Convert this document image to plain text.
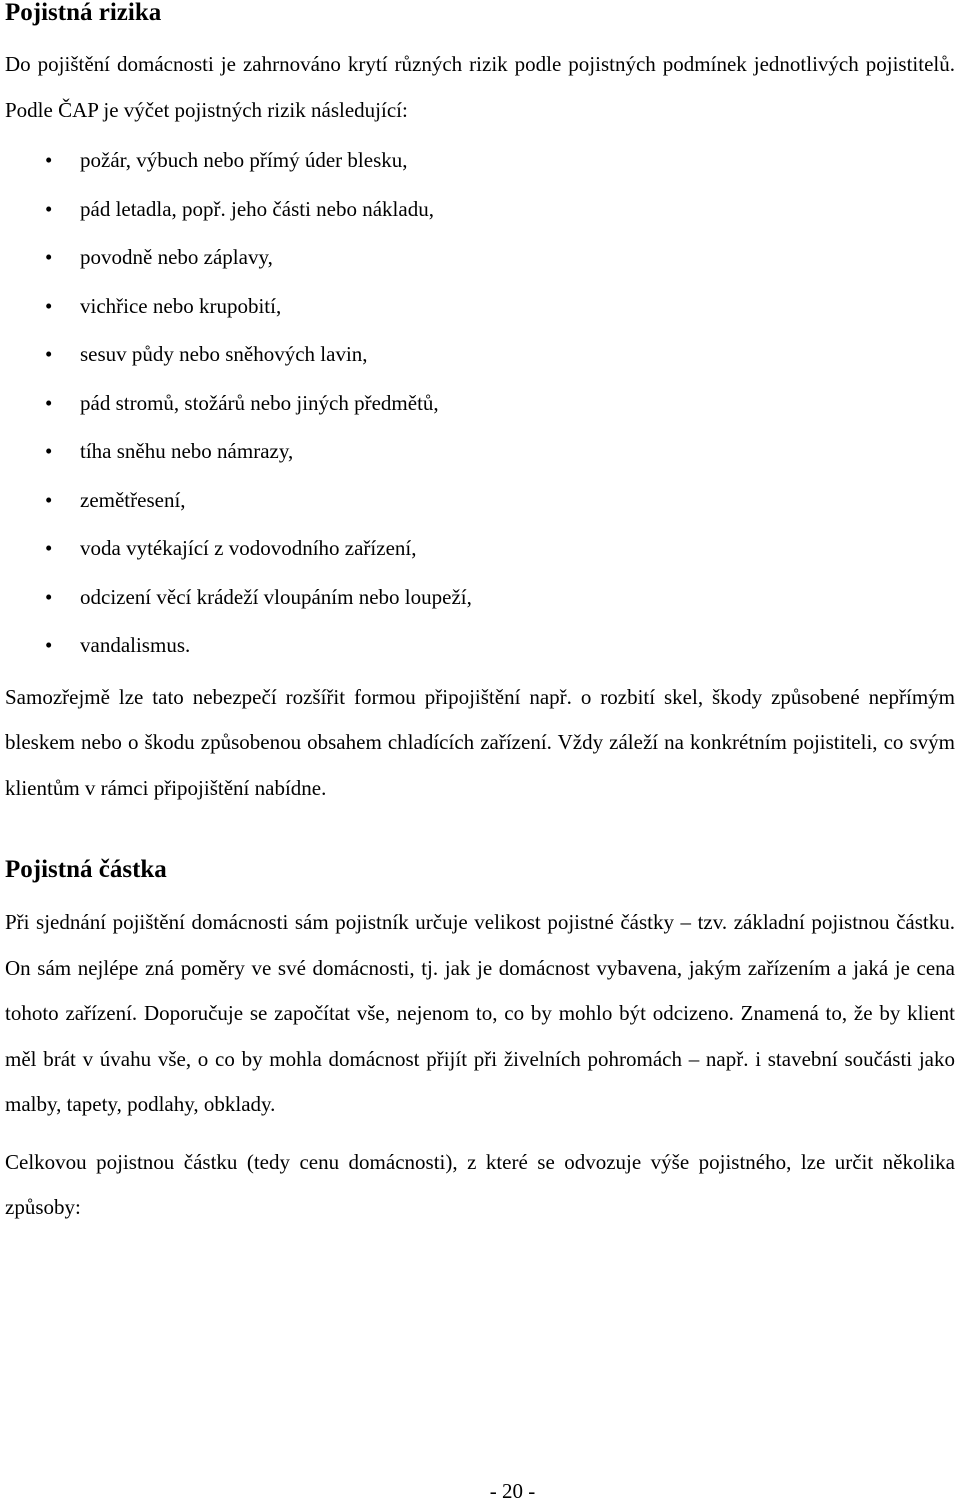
Pojistná rizika

Do pojištění domácnosti je zahrnováno krytí různých rizik podle pojistných podmínek jednotlivých pojistitelů. Podle ČAP je výčet pojistných rizik následující:

• požár, výbuch nebo přímý úder blesku,
• pád letadla, popř. jeho části nebo nákladu,
• povodně nebo záplavy,
• vichřice nebo krupobití,
• sesuv půdy nebo sněhových lavin,
• pád stromů, stožárů nebo jiných předmětů,
• tíha sněhu nebo námrazy,
• zemětřesení,
• voda vytékající z vodovodního zařízení,
• odcizení věcí krádeží vloupáním nebo loupeží,
• vandalismus.

Samozřejmě lze tato nebezpečí rozšířit formou připojištění např. o rozbití skel, škody způsobené nepřímým bleskem nebo o škodu způsobenou obsahem chladících zařízení. Vždy záleží na konkrétním pojistiteli, co svým klientům v rámci připojištění nabídne.

Pojistná částka

Při sjednání pojištění domácnosti sám pojistník určuje velikost pojistné částky – tzv. základní pojistnou částku. On sám nejlépe zná poměry ve své domácnosti, tj. jak je domácnost vybavena, jakým zařízením a jaká je cena tohoto zařízení. Doporučuje se započítat vše, nejenom to, co by mohlo být odcizeno. Znamená to, že by klient měl brát v úvahu vše, o co by mohla domácnost přijít při živelních pohromách – např. i stavební součásti jako malby, tapety, podlahy, obklady.

Celkovou pojistnou částku (tedy cenu domácnosti), z které se odvozuje výše pojistného, lze určit několika způsoby:

- 20 -
